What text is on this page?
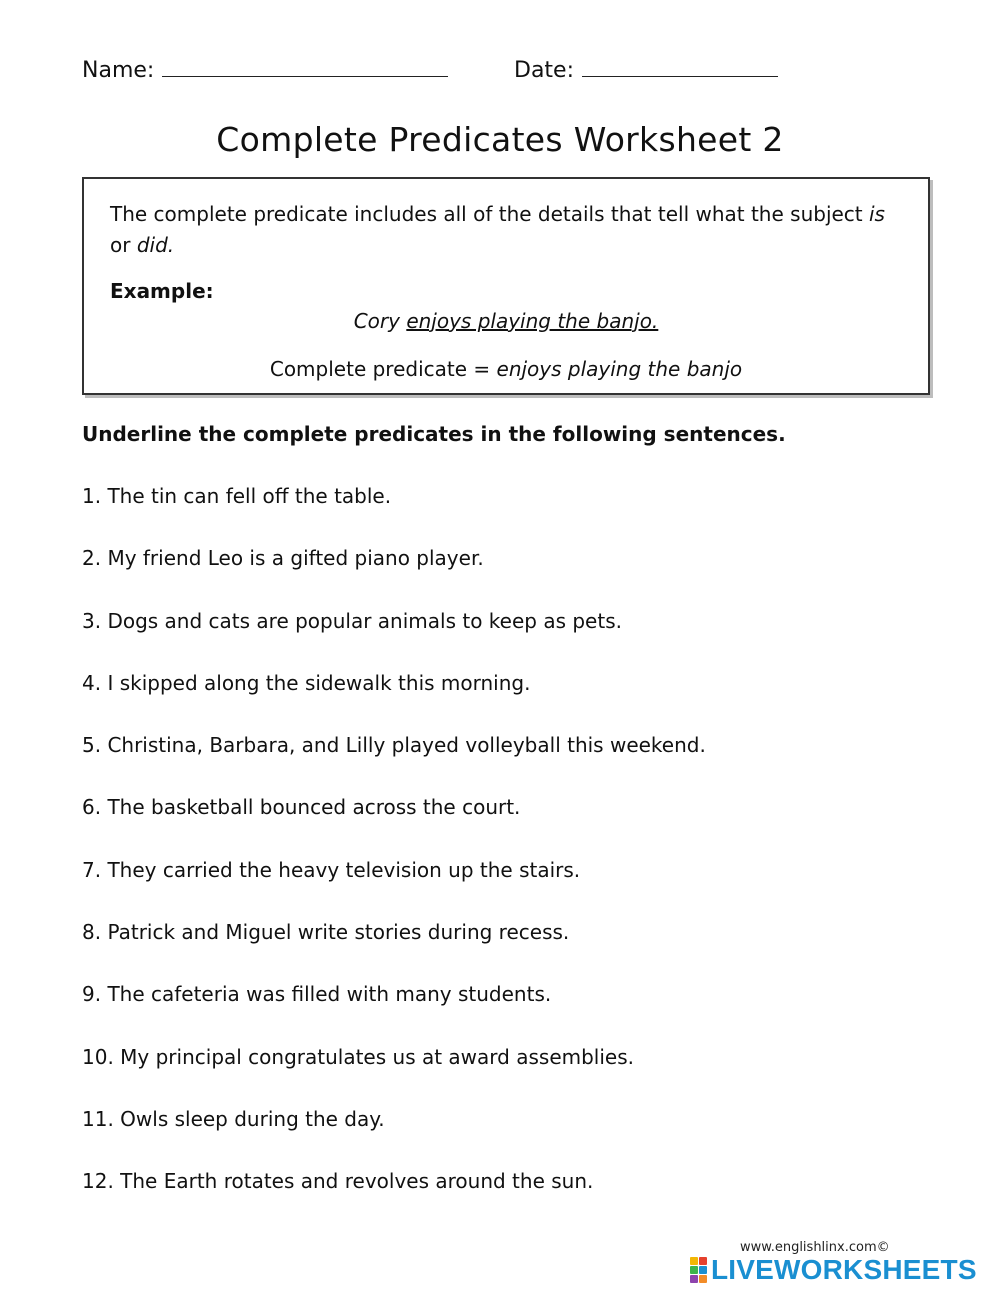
Name:	Date:
Complete Predicates Worksheet 2
The complete predicate includes all of the details that tell what the subject is or did.
Example:
Cory enjoys playing the banjo.
Complete predicate = enjoys playing the banjo
Underline the complete predicates in the following sentences.
1. The tin can fell off the table.
2. My friend Leo is a gifted piano player.
3. Dogs and cats are popular animals to keep as pets.
4. I skipped along the sidewalk this morning.
5. Christina, Barbara, and Lilly played volleyball this weekend.
6. The basketball bounced across the court.
7. They carried the heavy television up the stairs.
8. Patrick and Miguel write stories during recess.
9. The cafeteria was filled with many students.
10. My principal congratulates us at award assemblies.
11. Owls sleep during the day.
12. The Earth rotates and revolves around the sun.
www.englishlinx.com©
LIVEWORKSHEETS
